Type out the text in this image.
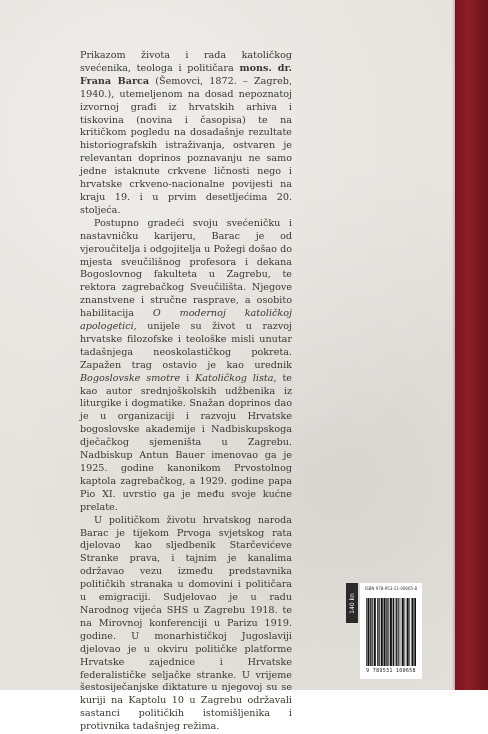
Prikazom života i rada katoličkog svećenika, teologa i političara mons. dr. Frana Barca (Šemovci, 1872. – Zagreb, 1940.), utemeljenom na dosad nepoznatoj izvornoj građi iz hrvatskih arhiva i tiskovina (novina i časopisa) te na kritičkom pogledu na dosadašnje rezultate historiografskih istraživanja, ostvaren je relevantan doprinos poznavanju ne samo jedne istaknute crkvene ličnosti nego i hrvatske crkveno-nacionalne povijesti na kraju 19. i u prvim desetljećima 20. stoljeća.

Postupno gradeći svoju svećeničku i nastavničku karijeru, Barac je od vjeroučitelja i odgojitelja u Požegi došao do mjesta sveučilišnog profesora i dekana Bogoslovnog fakulteta u Zagrebu, te rektora zagrebačkog Sveučilišta. Njegove znanstvene i stručne rasprave, a osobito habilitacija O modernoj katoličkoj apologetici, unijele su život u razvoj hrvatske filozofske i teološke misli unutar tadašnjega neoskolastičkog pokreta. Zapažen trag ostavio je kao urednik Bogoslovske smotre i Katoličkog lista, te kao autor srednjoškolskih udžbenika iz liturgike i dogmatike. Snažan doprinos dao je u organizaciji i razvoju Hrvatske bogoslovske akademije i Nadbiskupskoga dječačkog sjemeništa u Zagrebu. Nadbiskup Antun Bauer imenovao ga je 1925. godine kanonikom Prvostolnog kaptola zagrebačkog, a 1929. godine papa Pio XI. uvrstio ga je među svoje kućne prelate.

U političkom životu hrvatskog naroda Barac je tijekom Prvoga svjetskog rata djelovao kao sljedbenik Starčevićeve Stranke prava, i tajnim je kanalima održavao vezu između predstavnika političkih stranaka u domovini i političara u emigraciji. Sudjelovao je u radu Narodnog vijeća SHS u Zagrebu 1918. te na Mirovnoj konferenciji u Parizu 1919. godine. U monarhističkoj Jugoslaviji djelovao je u okviru političke platforme Hrvatske zajednice i Hrvatske federalističke seljačke stranke. U vrijeme šestosiječanjske diktature u njegovoj su se kuriji na Kaptolu 10 u Zagrebu održavali sastanci političkih istomišljenika i protivnika tadašnjeg režima.

140 kn
ISBN 978-953-11-00665-8
9 789531 100658
